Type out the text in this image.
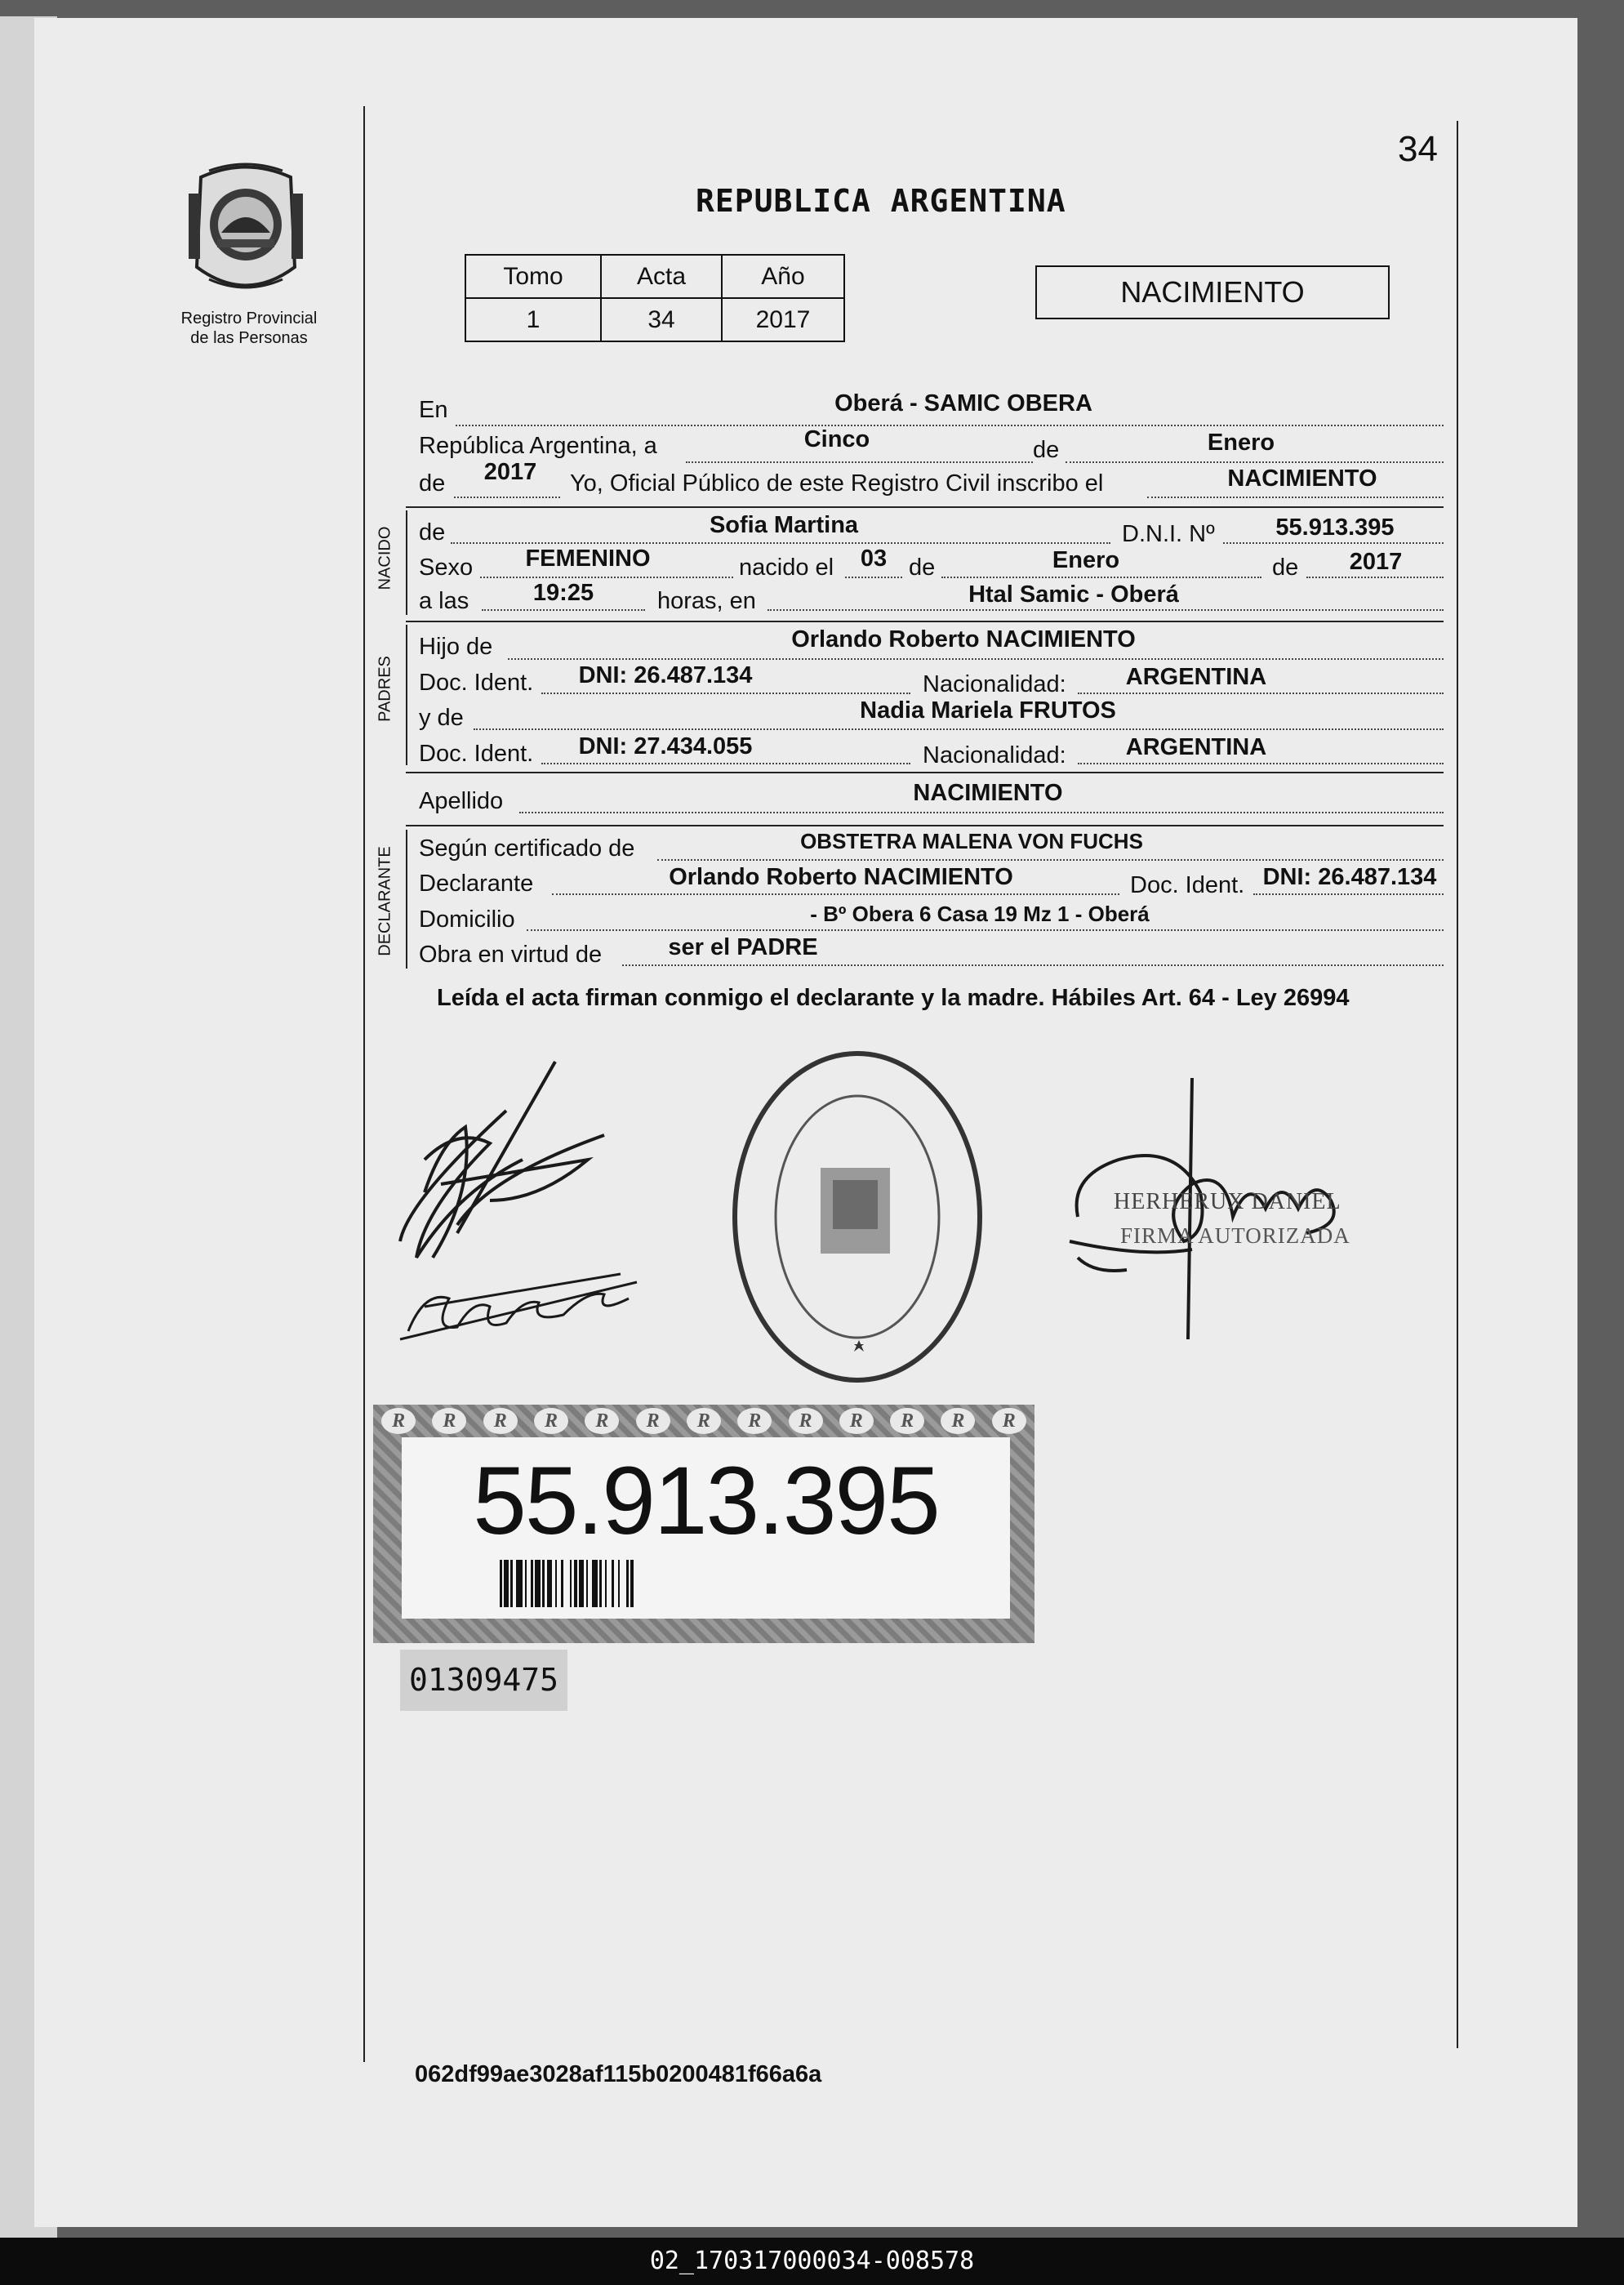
34
Registro Provincial
de las Personas
REPUBLICA ARGENTINA
Tomo	Acta	Año
1	34	2017
NACIMIENTO
En	Oberá - SAMIC OBERA
República Argentina, a	Cinco	de	Enero
de	2017	Yo, Oficial Público de este Registro Civil inscribo el	NACIMIENTO
NACIDO de	Sofia Martina	D.N.I. Nº	55.913.395
Sexo	FEMENINO	nacido el	03 de	Enero	de	2017
a las	19:25	horas, en	Htal Samic - Oberá
PADRES
Hijo de	Orlando Roberto NACIMIENTO
Doc. Ident.	DNI: 26.487.134	Nacionalidad:	ARGENTINA
y de	Nadia Mariela FRUTOS
Doc. Ident.	DNI: 27.434.055	Nacionalidad:	ARGENTINA
Apellido	NACIMIENTO
DECLARANTE Según certificado de	OBSTETRA MALENA VON FUCHS
Declarante	Orlando Roberto NACIMIENTO	Doc. Ident. DNI: 26.487.134
Domicilio	- Bº Obera 6 Casa 19 Mz 1 - Oberá
Obra en virtud de	ser el PADRE
Leída el acta firman conmigo el declarante y la madre. Hábiles Art. 64 - Ley 26994
HERHERUX DANIEL
FIRMA AUTORIZADA
R	R	R	R	R	R	R	R	R	R	R	R	R
55.913.395
01309475
062df99ae3028af115b0200481f66a6a
02_170317000034-008578
